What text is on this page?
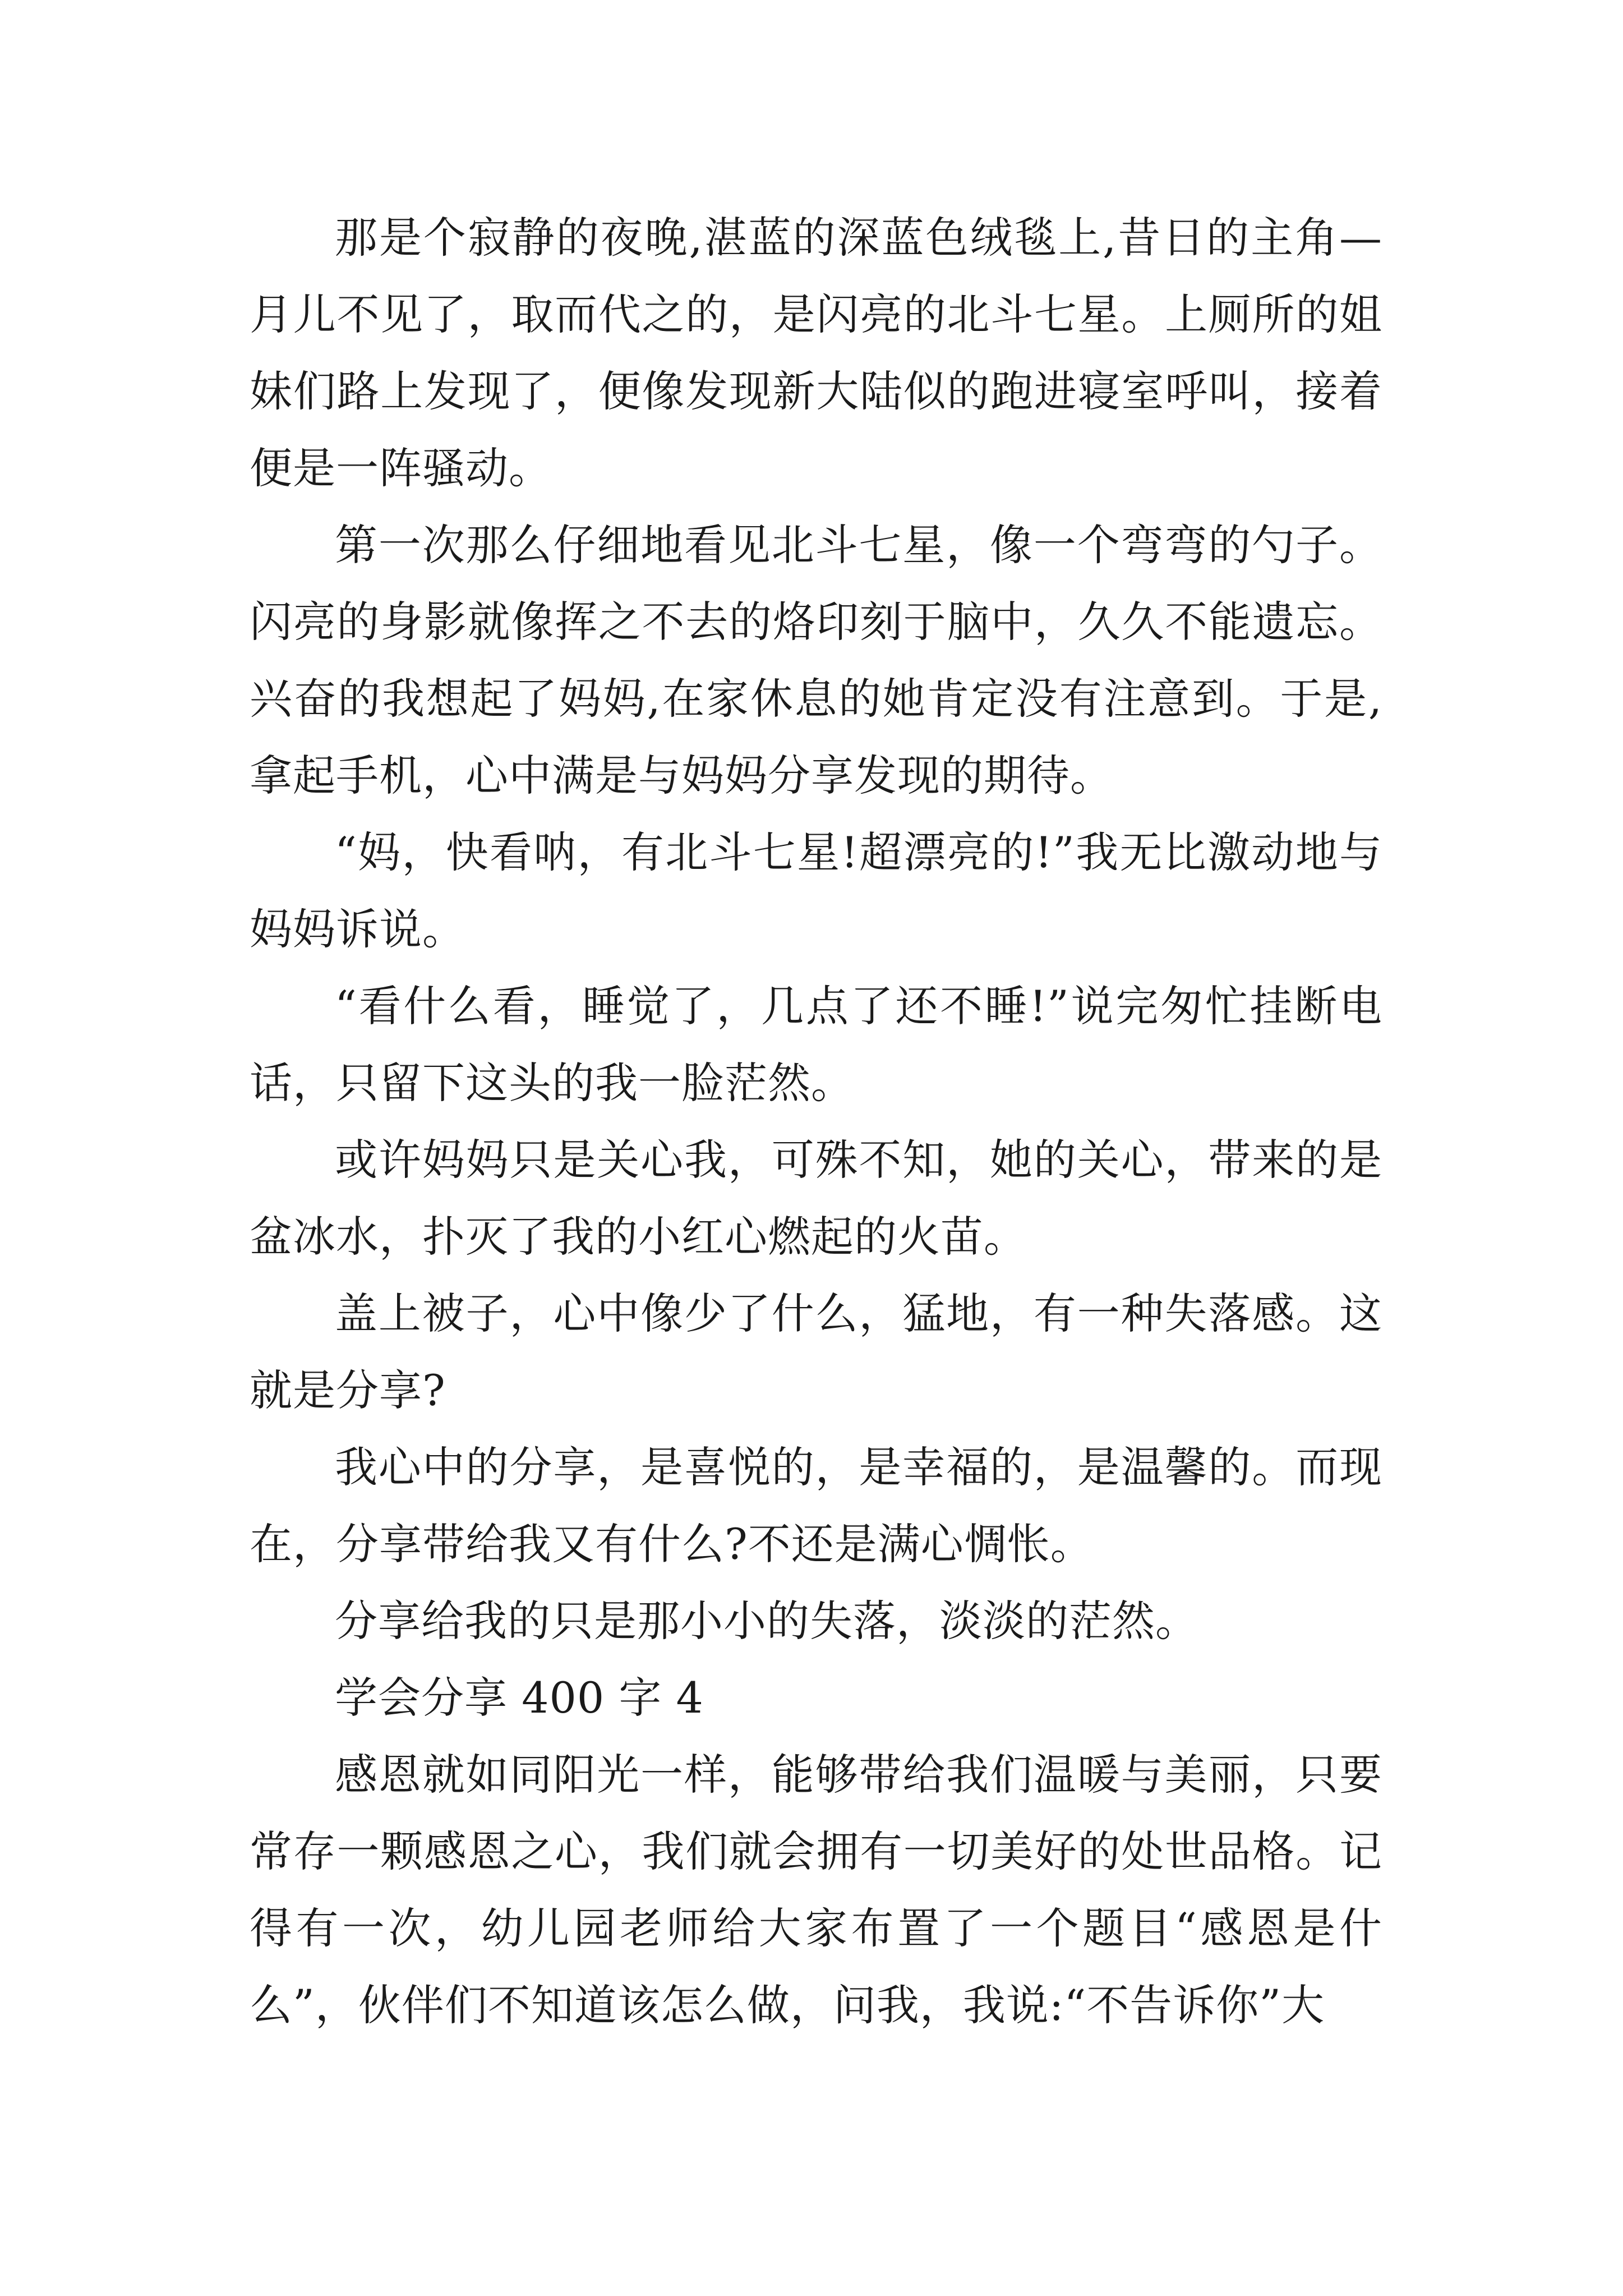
那是个寂静的夜晚,湛蓝的深蓝色绒毯上,昔日的主角—月儿不见了，取而代之的，是闪亮的北斗七星。上厕所的姐妹们路上发现了，便像发现新大陆似的跑进寝室呼叫，接着便是一阵骚动。

第一次那么仔细地看见北斗七星，像一个弯弯的勺子。闪亮的身影就像挥之不去的烙印刻于脑中，久久不能遗忘。兴奋的我想起了妈妈,在家休息的她肯定没有注意到。于是,拿起手机，心中满是与妈妈分享发现的期待。

“妈，快看呐，有北斗七星!超漂亮的!”我无比激动地与妈妈诉说。

“看什么看，睡觉了，几点了还不睡!”说完匆忙挂断电话，只留下这头的我一脸茫然。

或许妈妈只是关心我，可殊不知，她的关心，带来的是盆冰水，扑灭了我的小红心燃起的火苗。

盖上被子，心中像少了什么，猛地，有一种失落感。这就是分享?

我心中的分享，是喜悦的，是幸福的，是温馨的。而现在，分享带给我又有什么?不还是满心惆怅。

分享给我的只是那小小的失落，淡淡的茫然。

学会分享 400 字 4

感恩就如同阳光一样，能够带给我们温暖与美丽，只要常存一颗感恩之心，我们就会拥有一切美好的处世品格。记得有一次，幼儿园老师给大家布置了一个题目“感恩是什么”，伙伴们不知道该怎么做，问我，我说:“不告诉你”大
